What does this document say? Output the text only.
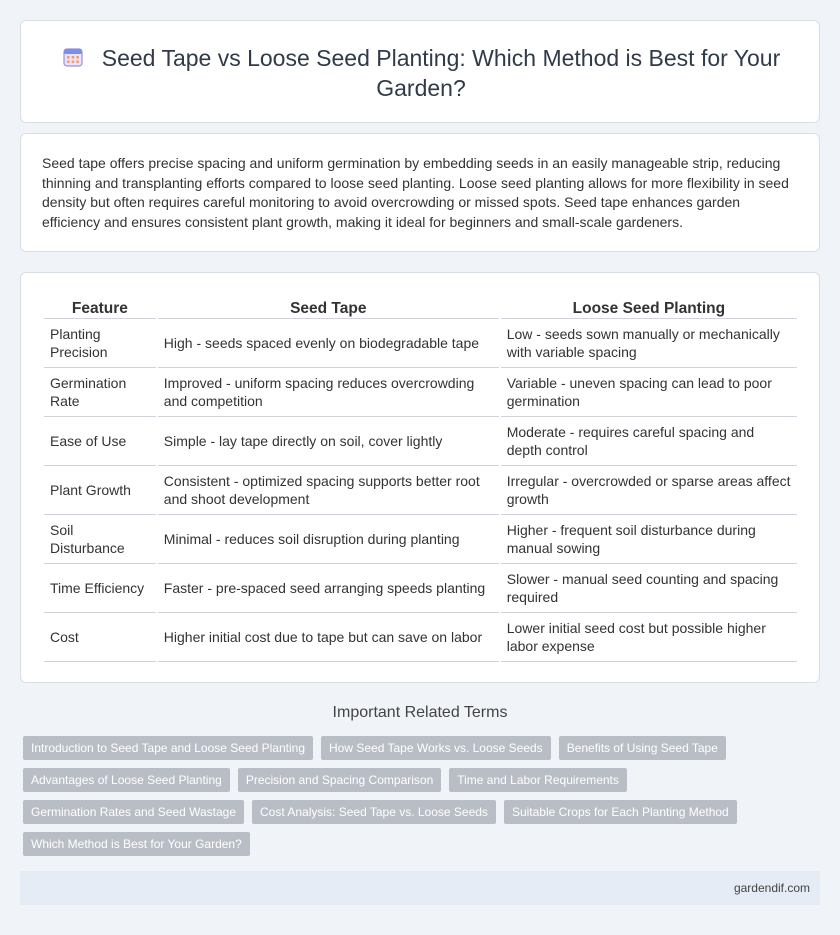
Seed Tape vs Loose Seed Planting: Which Method is Best for Your Garden?

Seed tape offers precise spacing and uniform germination by embedding seeds in an easily manageable strip, reducing thinning and transplanting efforts compared to loose seed planting. Loose seed planting allows for more flexibility in seed density but often requires careful monitoring to avoid overcrowding or missed spots. Seed tape enhances garden efficiency and ensures consistent plant growth, making it ideal for beginners and small-scale gardeners.

Feature	Seed Tape	Loose Seed Planting
Planting Precision	High - seeds spaced evenly on biodegradable tape	Low - seeds sown manually or mechanically with variable spacing
Germination Rate	Improved - uniform spacing reduces overcrowding and competition	Variable - uneven spacing can lead to poor germination
Ease of Use	Simple - lay tape directly on soil, cover lightly	Moderate - requires careful spacing and depth control
Plant Growth	Consistent - optimized spacing supports better root and shoot development	Irregular - overcrowded or sparse areas affect growth
Soil Disturbance	Minimal - reduces soil disruption during planting	Higher - frequent soil disturbance during manual sowing
Time Efficiency	Faster - pre-spaced seed arranging speeds planting	Slower - manual seed counting and spacing required
Cost	Higher initial cost due to tape but can save on labor	Lower initial seed cost but possible higher labor expense
Important Related Terms
Introduction to Seed Tape and Loose Seed Planting	How Seed Tape Works vs. Loose Seeds	Benefits of Using Seed Tape
Advantages of Loose Seed Planting	Precision and Spacing Comparison	Time and Labor Requirements
Germination Rates and Seed Wastage	Cost Analysis: Seed Tape vs. Loose Seeds	Suitable Crops for Each Planting Method
Which Method is Best for Your Garden?
gardendif.com
